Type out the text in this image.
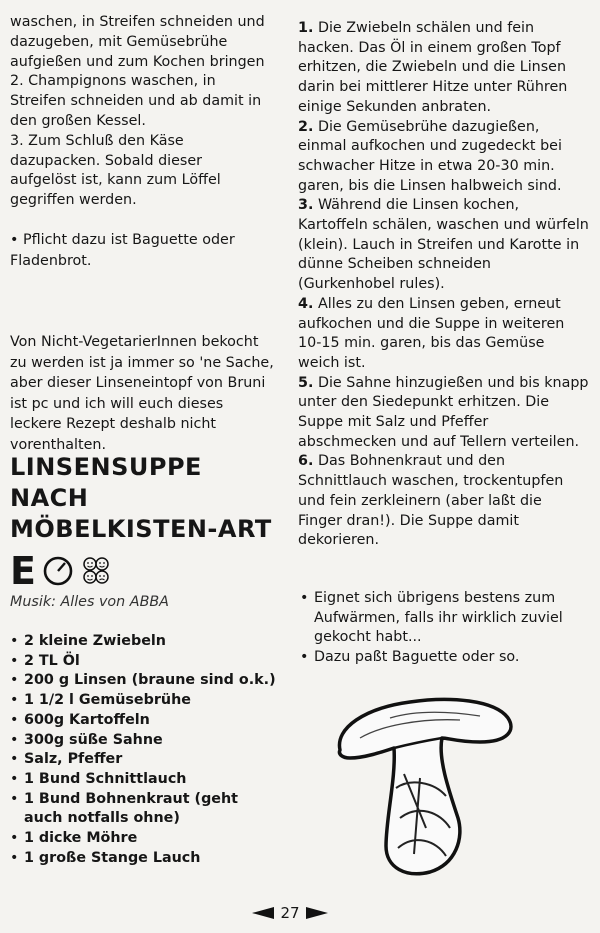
waschen, in Streifen schneiden und dazugeben, mit Gemüsebrühe aufgießen und zum Kochen bringen

2. Champignons waschen, in Streifen schneiden und ab damit in den großen Kessel.

3. Zum Schluß den Käse dazupacken. Sobald dieser aufgelöst ist, kann zum Löffel gegriffen werden.

• Pflicht dazu ist Baguette oder Fladenbrot.
Von Nicht-VegetarierInnen bekocht zu werden ist ja immer so 'ne Sache, aber dieser Linseneintopf von Bruni ist pc und ich will euch dieses leckere Rezept deshalb nicht vorenthalten.
LINSENSUPPE
NACH
MÖBELKISTEN-ART
E
Musik: Alles von ABBA
• 2 kleine Zwiebeln
• 2 TL Öl
• 200 g Linsen (braune sind o.k.)
• 1 1/2 l Gemüsebrühe
• 600g Kartoffeln
• 300g süße Sahne
• Salz, Pfeffer
• 1 Bund Schnittlauch
• 1 Bund Bohnenkraut (geht auch notfalls ohne)
• 1 dicke Möhre
• 1 große Stange Lauch

1. Die Zwiebeln schälen und fein hacken. Das Öl in einem großen Topf erhitzen, die Zwiebeln und die Linsen darin bei mittlerer Hitze unter Rühren einige Sekunden anbraten.

2. Die Gemüsebrühe dazugießen, einmal aufkochen und zugedeckt bei schwacher Hitze in etwa 20-30 min. garen, bis die Linsen halbweich sind.

3. Während die Linsen kochen, Kartoffeln schälen, waschen und würfeln (klein). Lauch in Streifen und Karotte in dünne Scheiben schneiden (Gurkenhobel rules).

4. Alles zu den Linsen geben, erneut aufkochen und die Suppe in weiteren 10-15 min. garen, bis das Gemüse weich ist.

5. Die Sahne hinzugießen und bis knapp unter den Siedepunkt erhitzen. Die Suppe mit Salz und Pfeffer abschmecken und auf Tellern verteilen.

6. Das Bohnenkraut und den Schnittlauch waschen, trockentupfen und fein zerkleinern (aber laßt die Finger dran!). Die Suppe damit dekorieren.

• Eignet sich übrigens bestens zum Aufwärmen, falls ihr wirklich zuviel gekocht habt...
• Dazu paßt Baguette oder so.
27
